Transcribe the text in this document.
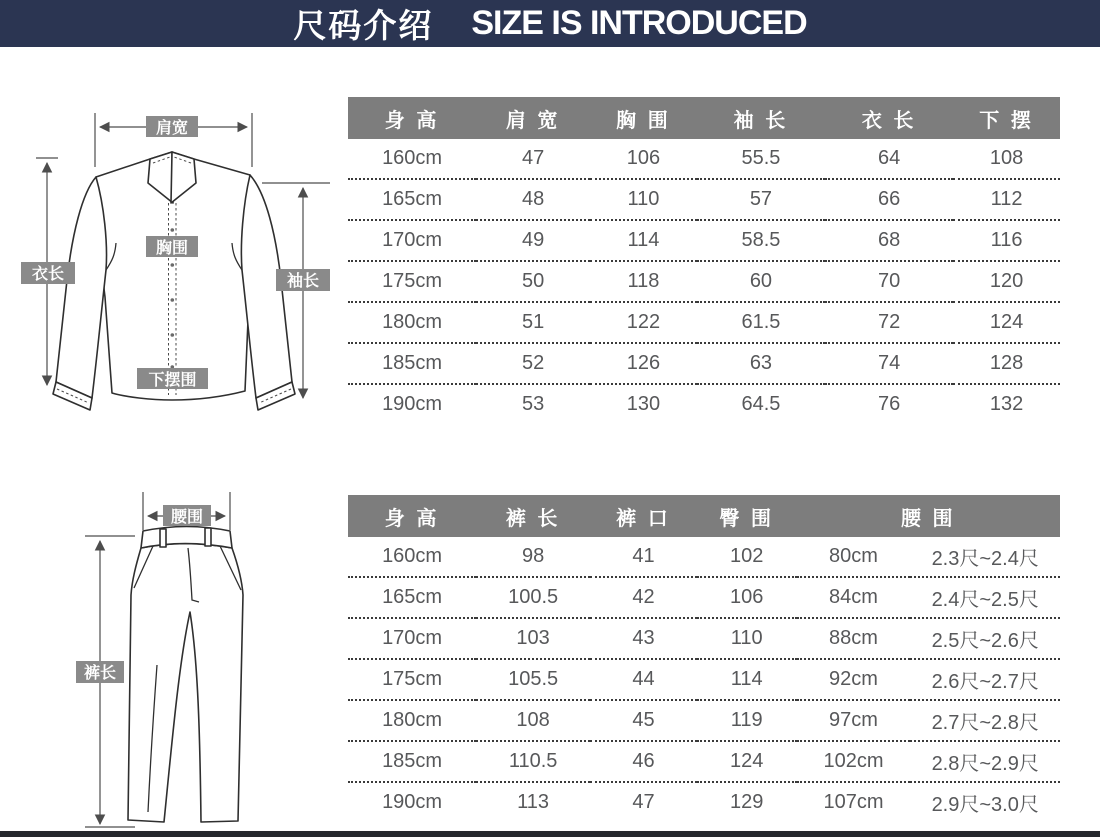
尺码介绍 SIZE IS INTRODUCED
肩宽
胸围
衣长	袖长
下摆围
身 高	肩 宽	胸 围	袖 长	衣 长	下 摆
160cm	47	106	55.5	64	108
165cm	48	110	57	66	112
170cm	49	114	58.5	68	116
175cm	50	118	60	70	120
180cm	51	122	61.5	72	124
185cm	52	126	63	74	128
190cm	53	130	64.5	76	132
腰围
裤长
身 高	裤 长	裤 口	臀 围	腰 围	
160cm	98	41	102	80cm	2.3尺~2.4尺
165cm	100.5	42	106	84cm	2.4尺~2.5尺
170cm	103	43	110	88cm	2.5尺~2.6尺
175cm	105.5	44	114	92cm	2.6尺~2.7尺
180cm	108	45	119	97cm	2.7尺~2.8尺
185cm	110.5	46	124	102cm	2.8尺~2.9尺
190cm	113	47	129	107cm	2.9尺~3.0尺
